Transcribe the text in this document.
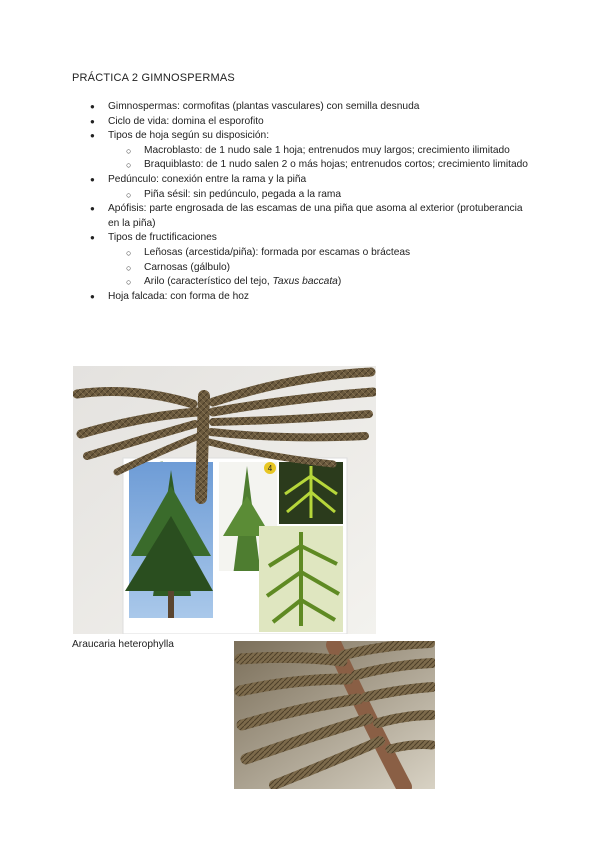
PRÁCTICA 2 GIMNOSPERMAS
● Gimnospermas: cormofitas (plantas vasculares) con semilla desnuda
● Ciclo de vida: domina el esporofito
● Tipos de hoja según su disposición:
○ Macroblasto: de 1 nudo sale 1 hoja; entrenudos muy largos; crecimiento ilimitado
○ Braquiblasto: de 1 nudo salen 2 o más hojas; entrenudos cortos; crecimiento limitado
● Pedúnculo: conexión entre la rama y la piña
○ Piña sésil: sin pedúnculo, pegada a la rama
● Apófisis: parte engrosada de las escamas de una piña que asoma al exterior (protuberancia en la piña)
● Tipos de fructificaciones
○ Leñosas (arcestida/piña): formada por escamas o brácteas
○ Carnosas (gálbulo)
○ Arilo (característico del tejo, Taxus baccata)
● Hoja falcada: con forma de hoz
4
Araucaria heterophylla
